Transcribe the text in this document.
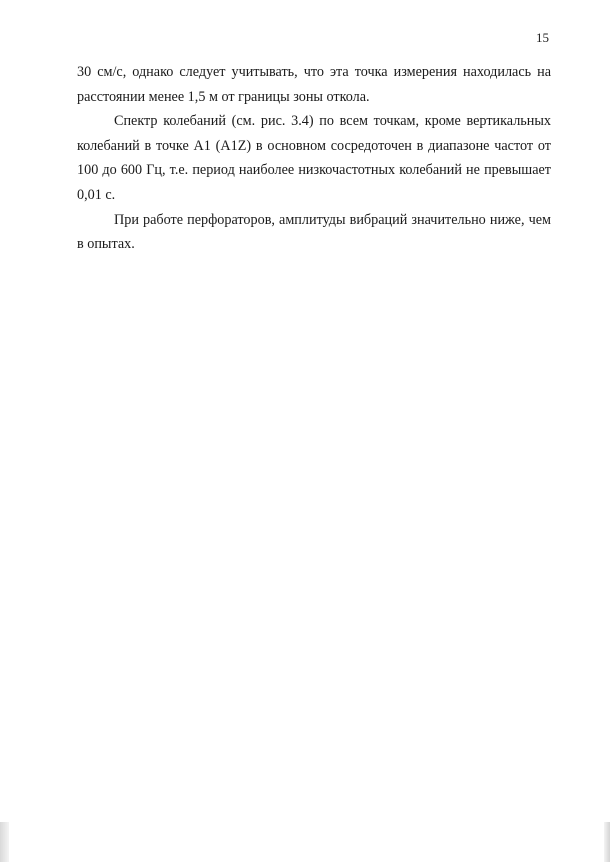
15

30 см/с, однако следует учитывать, что эта точка измерения находилась на расстоянии менее 1,5 м от границы зоны откола.

Спектр колебаний (см. рис. 3.4) по всем точкам, кроме вертикальных колебаний в точке А1 (А1Z) в основном сосредоточен в диапазоне частот от 100 до 600 Гц, т.е. период наиболее низкочастотных колебаний не превышает 0,01 с.

При работе перфораторов, амплитуды вибраций значительно ниже, чем в опытах.
